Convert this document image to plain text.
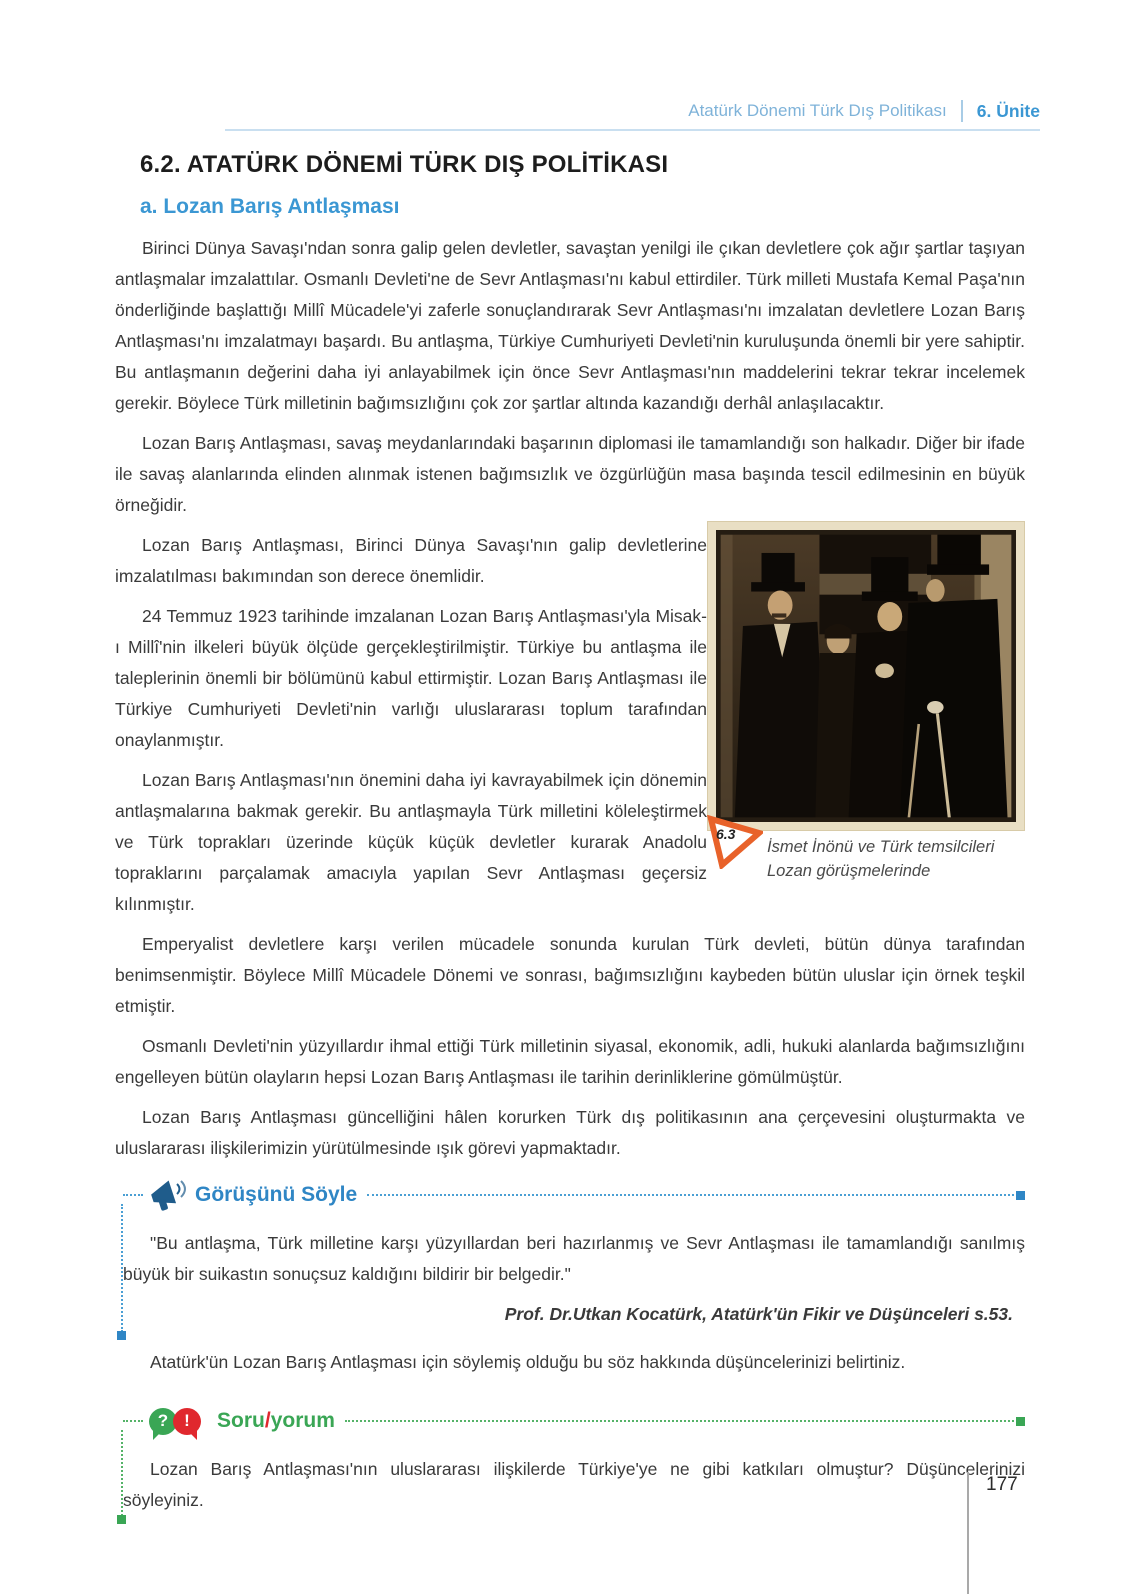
Atatürk Dönemi Türk Dış Politikası 6. Ünite
6.2. ATATÜRK DÖNEMİ TÜRK DIŞ POLİTİKASI
a. Lozan Barış Antlaşması

Birinci Dünya Savaşı'ndan sonra galip gelen devletler, savaştan yenilgi ile çıkan devletlere çok ağır şartlar taşıyan antlaşmalar imzalattılar. Osmanlı Devleti'ne de Sevr Antlaşması'nı kabul ettirdiler. Türk milleti Mustafa Kemal Paşa'nın önderliğinde başlattığı Millî Mücadele'yi zaferle sonuçlandırarak Sevr Antlaşması'nı imzalatan devletlere Lozan Barış Antlaşması'nı imzalatmayı başardı. Bu antlaşma, Türkiye Cumhuriyeti Devleti'nin kuruluşunda önemli bir yere sahiptir. Bu antlaşmanın değerini daha iyi anlayabilmek için önce Sevr Antlaşması'nın maddelerini tekrar tekrar incelemek gerekir. Böylece Türk milletinin bağımsızlığını çok zor şartlar altında kazandığı derhâl anlaşılacaktır.

Lozan Barış Antlaşması, savaş meydanlarındaki başarının diplomasi ile tamamlandığı son halkadır. Diğer bir ifade ile savaş alanlarında elinden alınmak istenen bağımsızlık ve özgürlüğün masa başında tescil edilmesinin en büyük örneğidir.

6.3
İsmet İnönü ve Türk temsilcileri Lozan görüşmelerinde

Lozan Barış Antlaşması, Birinci Dünya Savaşı'nın galip devletlerine imzalatılması bakımından son derece önemlidir.

24 Temmuz 1923 tarihinde imzalanan Lozan Barış Antlaşması'yla Misak-ı Millî'nin ilkeleri büyük ölçüde gerçekleştirilmiştir. Türkiye bu antlaşma ile taleplerinin önemli bir bölümünü kabul ettirmiştir. Lozan Barış Antlaşması ile Türkiye Cumhuriyeti Devleti'nin varlığı uluslararası toplum tarafından onaylanmıştır.

Lozan Barış Antlaşması'nın önemini daha iyi kavrayabilmek için dönemin antlaşmalarına bakmak gerekir. Bu antlaşmayla Türk milletini köleleştirmek ve Türk toprakları üzerinde küçük küçük devletler kurarak Anadolu topraklarını parçalamak amacıyla yapılan Sevr Antlaşması geçersiz kılınmıştır.

Emperyalist devletlere karşı verilen mücadele sonunda kurulan Türk devleti, bütün dünya tarafından benimsenmiştir. Böylece Millî Mücadele Dönemi ve sonrası, bağımsızlığını kaybeden bütün uluslar için örnek teşkil etmiştir.

Osmanlı Devleti'nin yüzyıllardır ihmal ettiği Türk milletinin siyasal, ekonomik, adli, hukuki alanlarda bağımsızlığını engelleyen bütün olayların hepsi Lozan Barış Antlaşması ile tarihin derinliklerine gömülmüştür.

Lozan Barış Antlaşması güncelliğini hâlen korurken Türk dış politikasının ana çerçevesini oluşturmakta ve uluslararası ilişkilerimizin yürütülmesinde ışık görevi yapmaktadır.

Görüşünü Söyle

"Bu antlaşma, Türk milletine karşı yüzyıllardan beri hazırlanmış ve Sevr Antlaşması ile tamamlandığı sanılmış büyük bir suikastın sonuçsuz kaldığını bildirir bir belgedir."

Prof. Dr.Utkan Kocatürk, Atatürk'ün Fikir ve Düşünceleri s.53.

Atatürk'ün Lozan Barış Antlaşması için söylemiş olduğu bu söz hakkında düşüncelerinizi belirtiniz.

? !	Soru/yorum

Lozan Barış Antlaşması'nın uluslararası ilişkilerde Türkiye'ye ne gibi katkıları olmuştur? Düşüncelerinizi söyleyiniz.

177
